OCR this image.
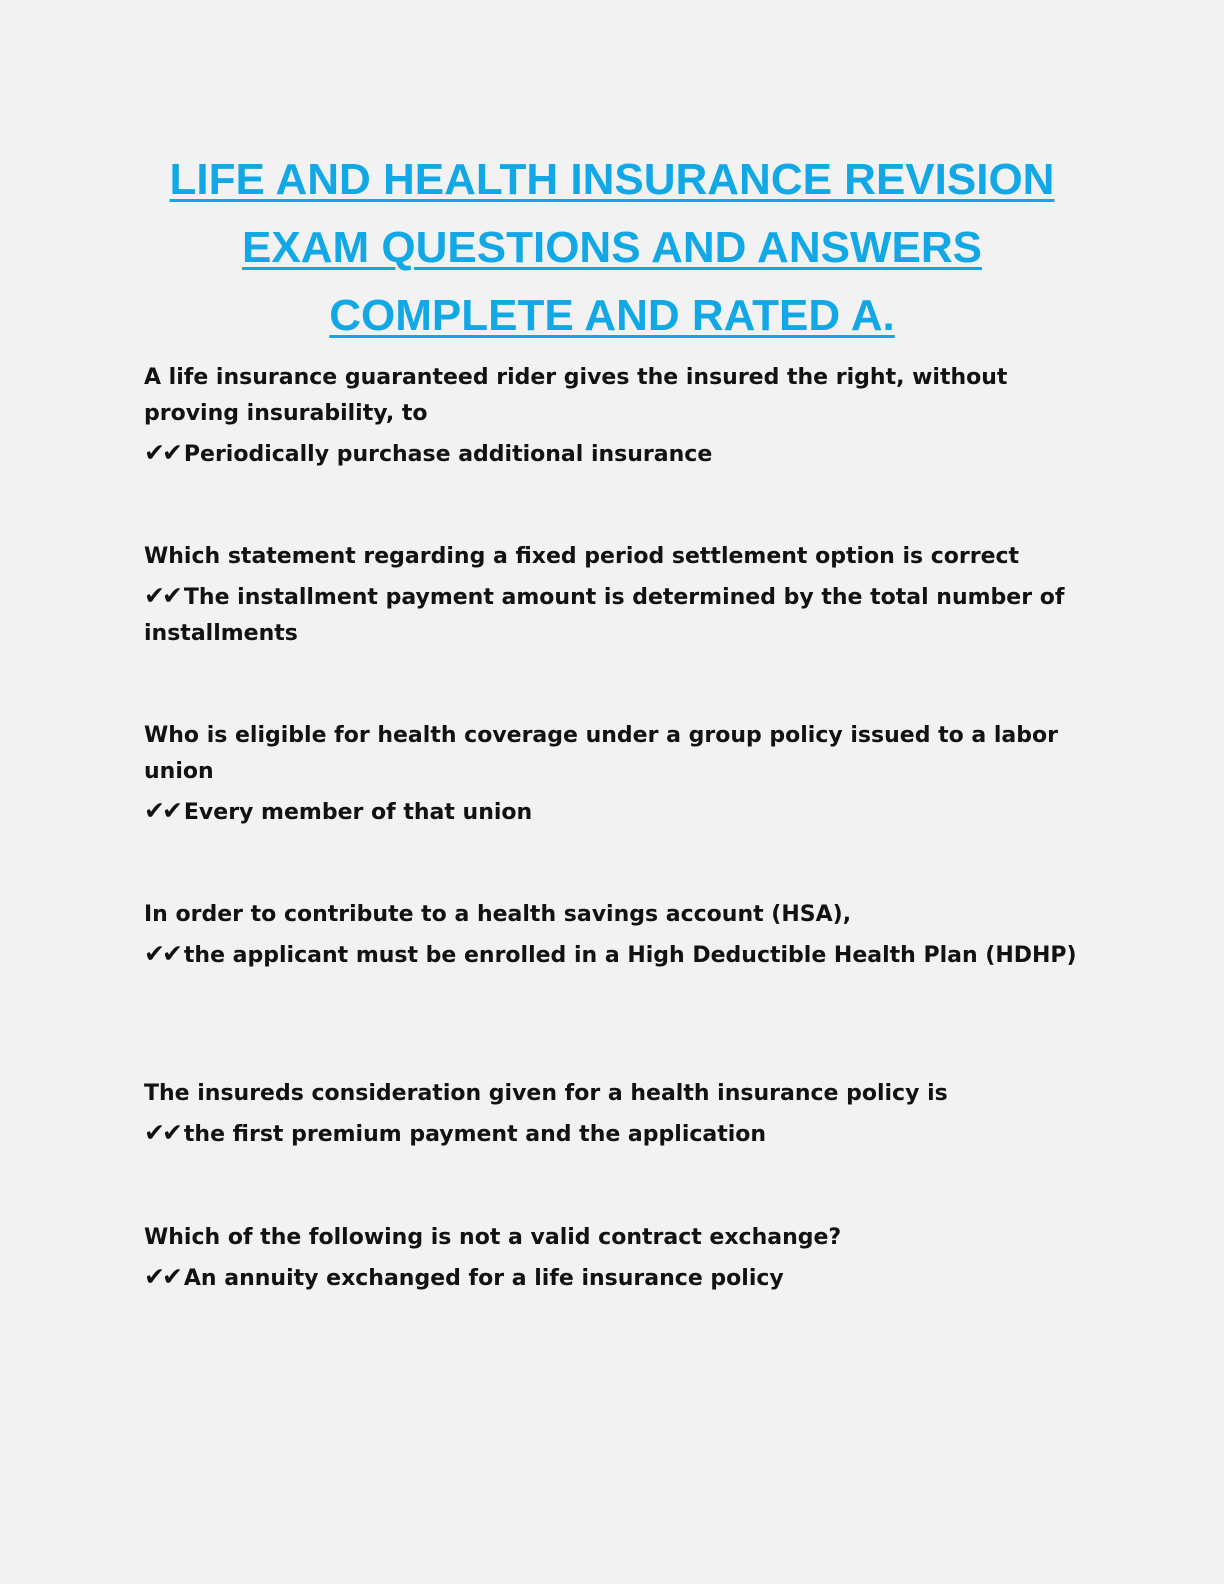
LIFE AND HEALTH INSURANCE REVISION
EXAM QUESTIONS AND ANSWERS
COMPLETE AND RATED A.

A life insurance guaranteed rider gives the insured the right, without proving insurability, to

✔✔ Periodically purchase additional insurance

Which statement regarding a fixed period settlement option is correct

✔✔ The installment payment amount is determined by the total number of installments

Who is eligible for health coverage under a group policy issued to a labor union

✔✔ Every member of that union

In order to contribute to a health savings account (HSA),

✔✔ the applicant must be enrolled in a High Deductible Health Plan (HDHP)

The insureds consideration given for a health insurance policy is

✔✔ the first premium payment and the application

Which of the following is not a valid contract exchange?

✔✔ An annuity exchanged for a life insurance policy
